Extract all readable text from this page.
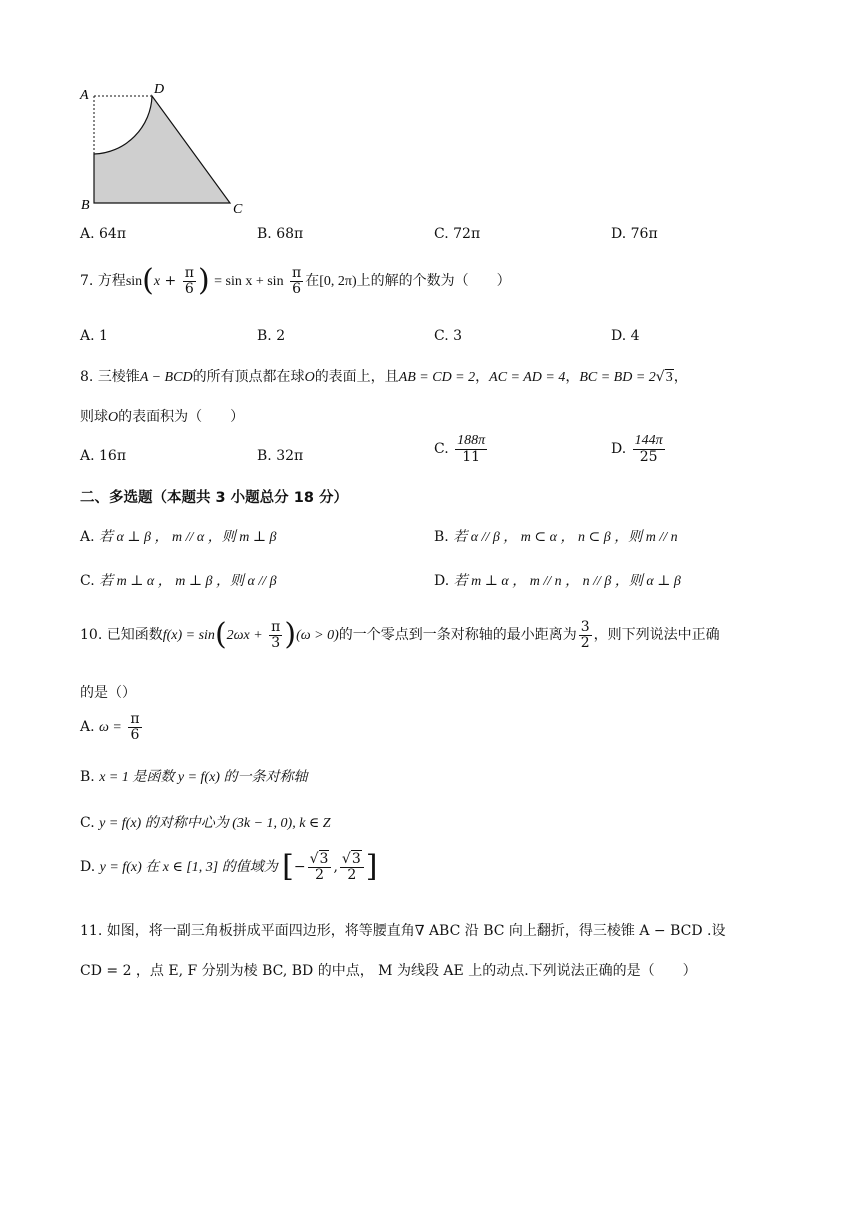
A	D
B	C
A. 64π	B. 68π	C. 72π	D. 76π
7. 方程$\sin(x + \frac{\pi}{6}$ ) = $\sin x + \sin \frac{\pi}{6}$ 在[0, 2π)上的解的个数为（　　）
A. 1	B. 2	C. 3	D. 4
8. 三棱锥A − BCD的所有顶点都在球O的表面上，且AB = CD = 2，AC = AD = 4，BC = BD = 2√3，
则球O的表面积为（　　）
A. 16π	B. 32π	C. $\frac{188\pi}{11}$	D. $\frac{144\pi}{25}$
二、多选题（本题共 3 小题总分 18 分）
A. 若 α ⊥ β ， m // α ，则 m ⊥ β	B. 若 α // β ， m ⊂ α ， n ⊂ β ，则 m // n
C. 若 m ⊥ α ， m ⊥ β ，则 α // β	D. 若 m ⊥ α ， m // n ， n // β ，则 α ⊥ β
10. 已知函数$f(x) = \sin(2\omega x + \frac{\pi}{3} )(\omega > 0)$的一个零点到一条对称轴的最小距离为 $\frac{3}{2}$ ，则下列说法中正确
的是（）
A. $\omega = \frac{\pi}{6}$
B. x = 1 是函数 y = f(x) 的一条对称轴
C. y = f(x) 的对称中心为 (3k − 1, 0), k ∈ Z
D. y = f(x) 在 x ∈ [1, 3] 的值域为 [− $\frac{√3}{2}$ , $\frac{√3}{2}$ ]
11. 如图，将一副三角板拼成平面四边形，将等腰直角∇ ABC 沿 BC 向上翻折，得三棱锥 A − BCD .设
CD = 2 ，点 E, F 分别为棱 BC, BD 的中点， M 为线段 AE 上的动点.下列说法正确的是（　　）
